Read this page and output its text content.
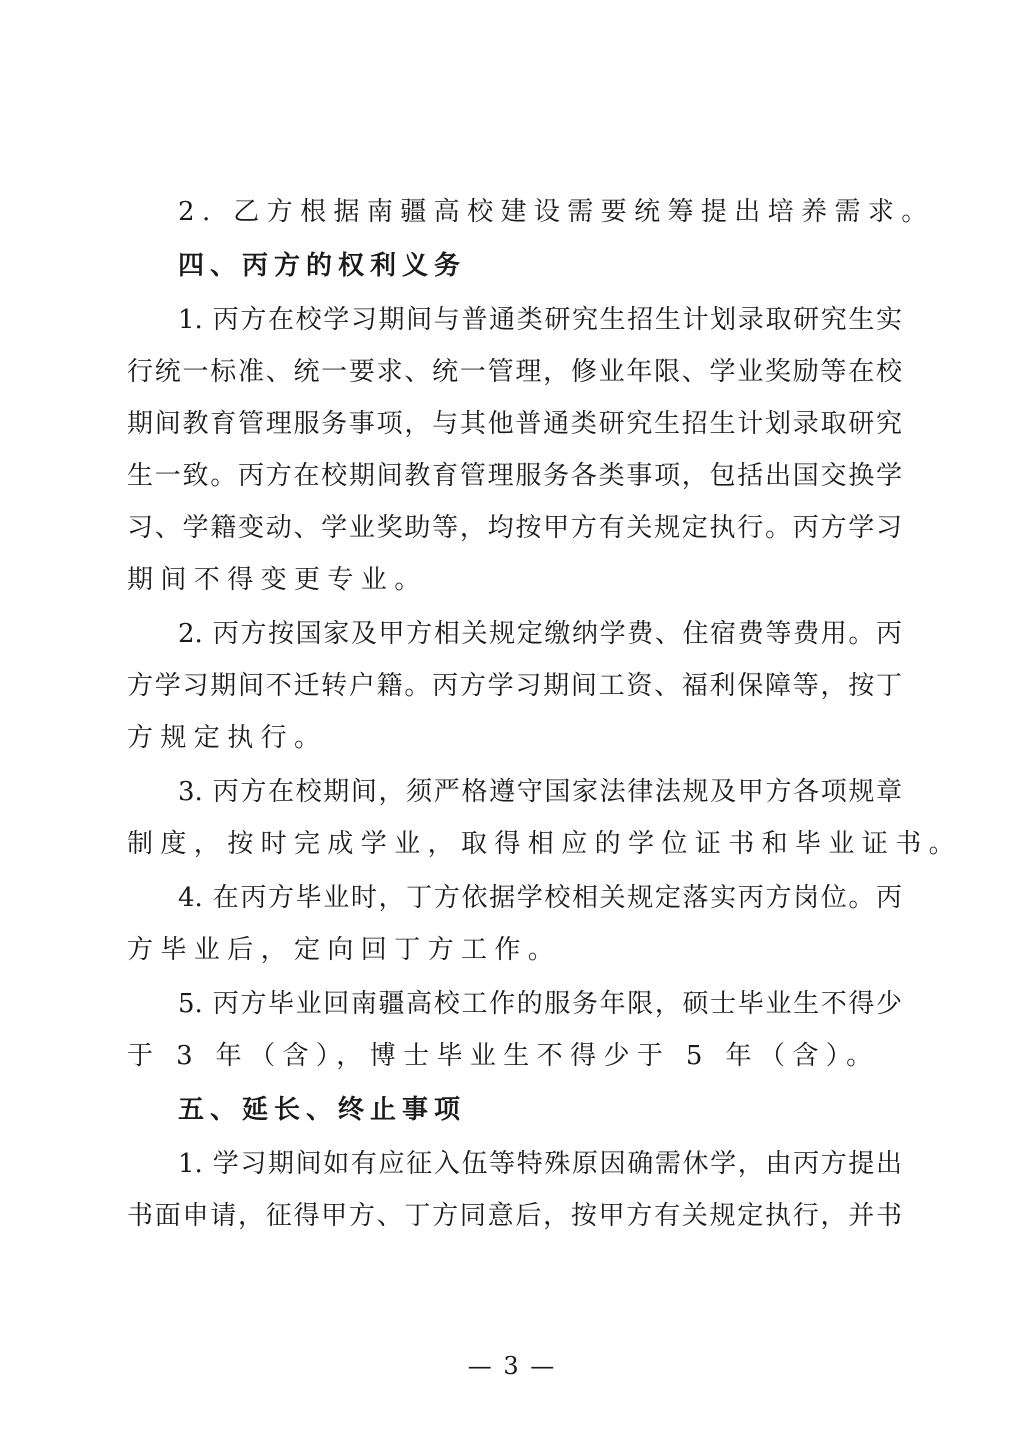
2. 乙方根据南疆高校建设需要统筹提出培养需求。
四、丙方的权利义务
1. 丙方在校学习期间与普通类研究生招生计划录取研究生实
行统一标准、统一要求、统一管理，修业年限、学业奖励等在校
期间教育管理服务事项，与其他普通类研究生招生计划录取研究
生一致。丙方在校期间教育管理服务各类事项，包括出国交换学
习、学籍变动、学业奖助等，均按甲方有关规定执行。丙方学习
期间不得变更专业。
2. 丙方按国家及甲方相关规定缴纳学费、住宿费等费用。丙
方学习期间不迁转户籍。丙方学习期间工资、福利保障等，按丁
方规定执行。
3. 丙方在校期间，须严格遵守国家法律法规及甲方各项规章
制度，按时完成学业，取得相应的学位证书和毕业证书。
4. 在丙方毕业时，丁方依据学校相关规定落实丙方岗位。丙
方毕业后，定向回丁方工作。
5. 丙方毕业回南疆高校工作的服务年限，硕士毕业生不得少
于 3 年（含），博士毕业生不得少于 5 年（含）。
五、延长、终止事项
1. 学习期间如有应征入伍等特殊原因确需休学，由丙方提出
书面申请，征得甲方、丁方同意后，按甲方有关规定执行，并书
— 3 —
